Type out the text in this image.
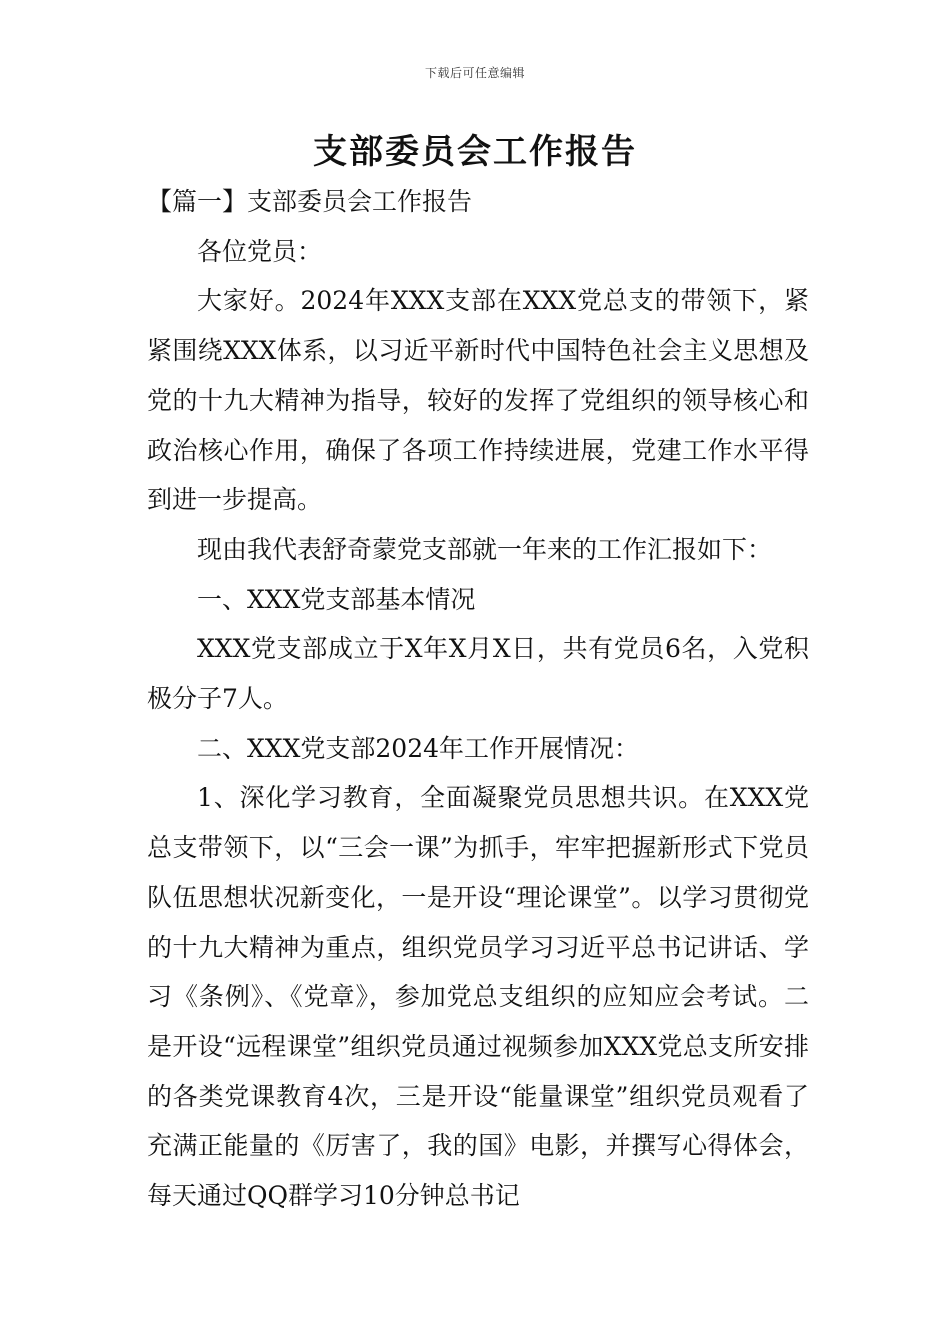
下载后可任意编辑
支部委员会工作报告

【篇一】支部委员会工作报告

各位党员：

大家好。2024年XXX支部在XXX党总支的带领下，紧紧围绕XXX体系，以习近平新时代中国特色社会主义思想及党的十九大精神为指导，较好的发挥了党组织的领导核心和政治核心作用，确保了各项工作持续进展，党建工作水平得到进一步提高。

现由我代表舒奇蒙党支部就一年来的工作汇报如下：

一、XXX党支部基本情况

XXX党支部成立于X年X月X日，共有党员6名，入党积极分子7人。

二、XXX党支部2024年工作开展情况：

1、深化学习教育，全面凝聚党员思想共识。在XXX党总支带领下，以“三会一课”为抓手，牢牢把握新形式下党员队伍思想状况新变化，一是开设“理论课堂”。以学习贯彻党的十九大精神为重点，组织党员学习习近平总书记讲话、学习《条例》、《党章》，参加党总支组织的应知应会考试。二是开设“远程课堂”组织党员通过视频参加XXX党总支所安排的各类党课教育4次，三是开设“能量课堂”组织党员观看了充满正能量的《厉害了，我的国》电影，并撰写心得体会，每天通过QQ群学习10分钟总书记
